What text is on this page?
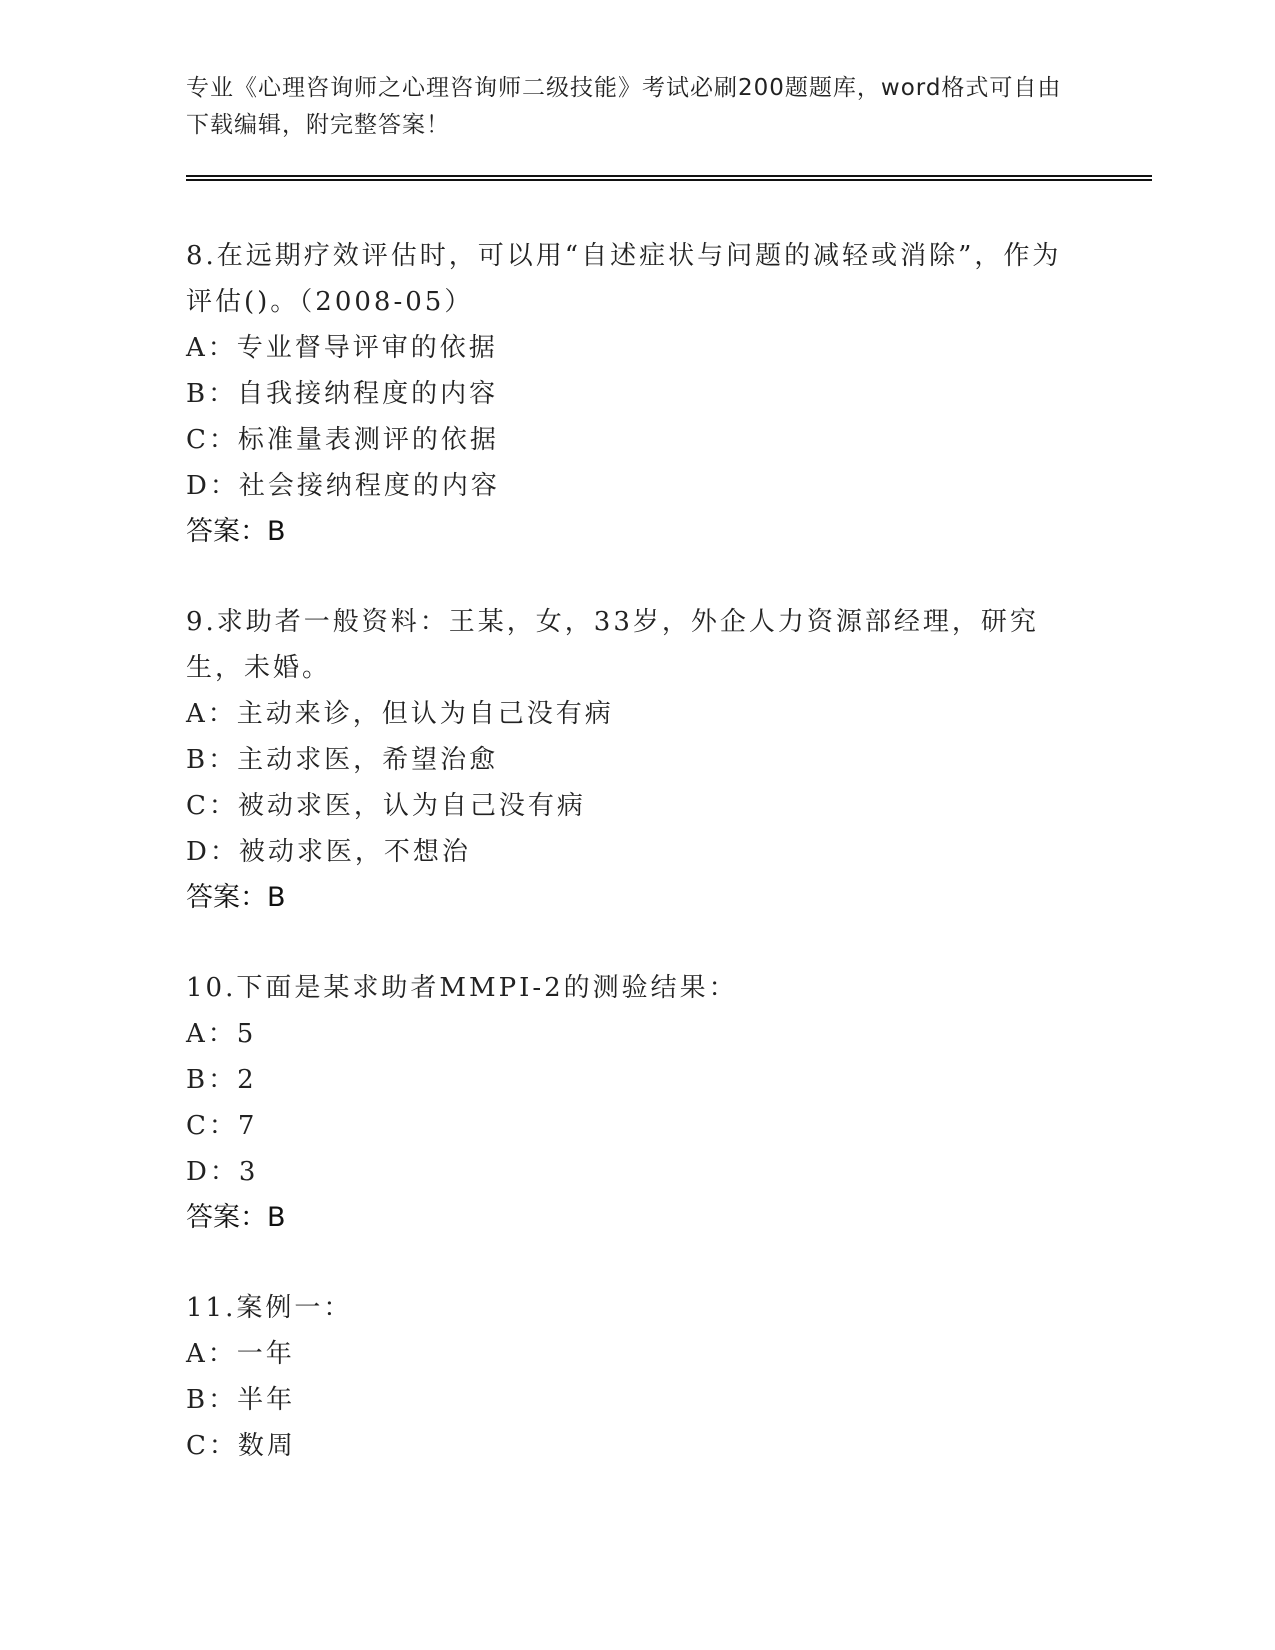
专业《心理咨询师之心理咨询师二级技能》考试必刷200题题库，word格式可自由下载编辑，附完整答案！
8.在远期疗效评估时，可以用“自述症状与问题的减轻或消除”，作为评估()。（2008-05）
A：专业督导评审的依据
B：自我接纳程度的内容
C：标准量表测评的依据
D：社会接纳程度的内容
答案：B
9.求助者一般资料：王某，女，33岁，外企人力资源部经理，研究生，未婚。
A：主动来诊，但认为自己没有病
B：主动求医，希望治愈
C：被动求医，认为自己没有病
D：被动求医，不想治
答案：B
10.下面是某求助者MMPI-2的测验结果：
A：5
B：2
C：7
D：3
答案：B
11.案例一：
A：一年
B：半年
C：数周
